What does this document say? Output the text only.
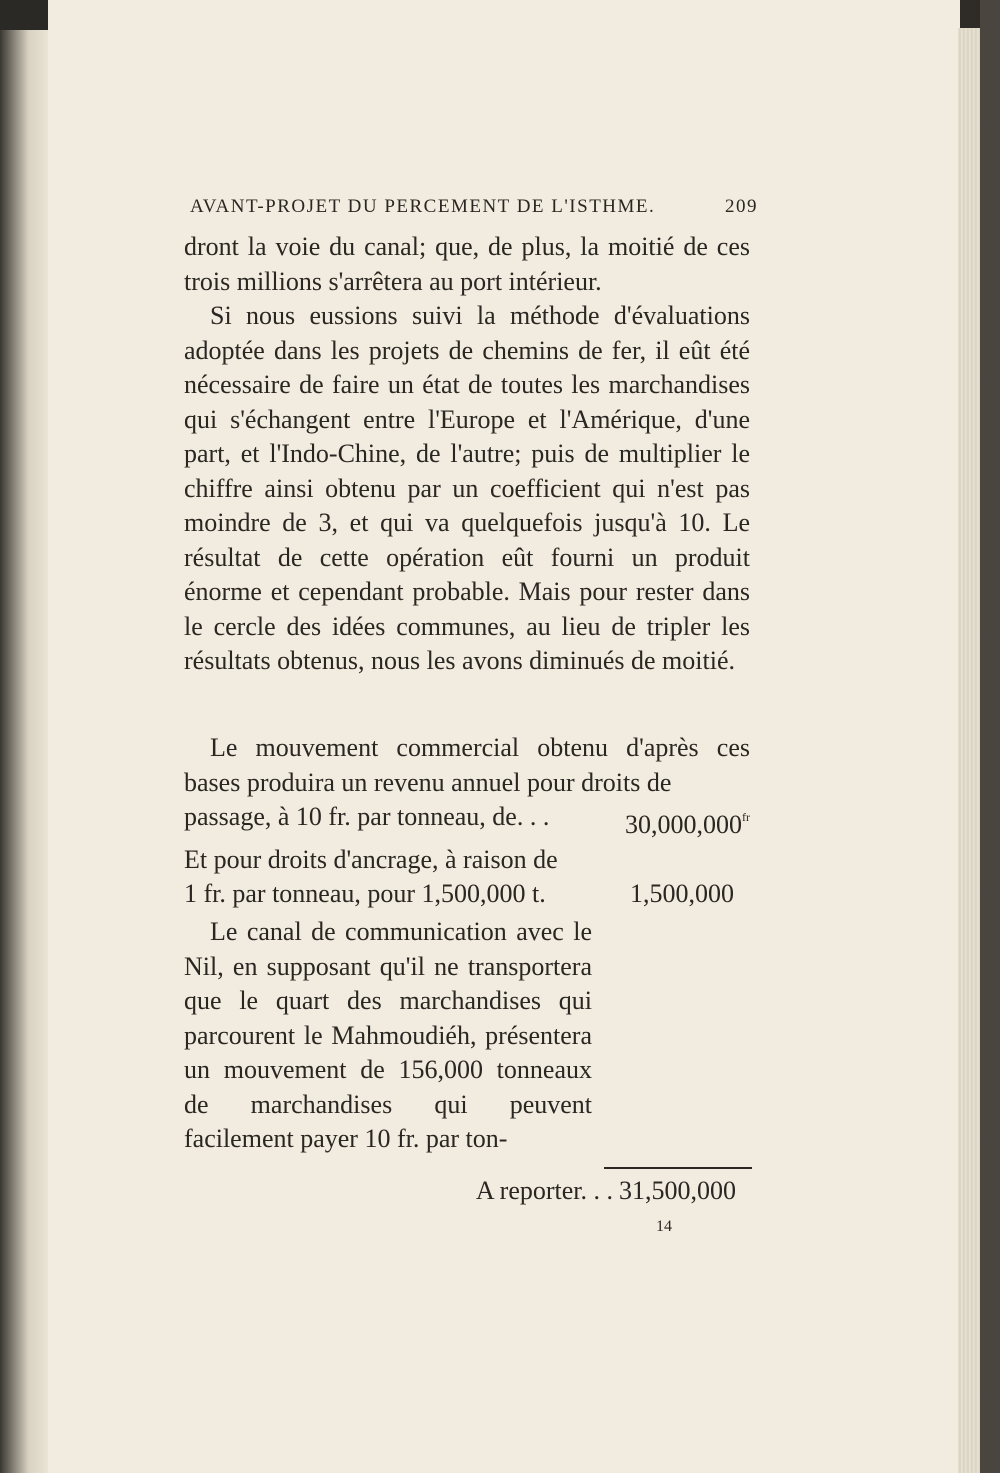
AVANT-PROJET DU PERCEMENT DE L'ISTHME.	209

dront la voie du canal; que, de plus, la moitié de ces trois millions s'arrêtera au port intérieur.

Si nous eussions suivi la méthode d'évaluations adoptée dans les projets de chemins de fer, il eût été nécessaire de faire un état de toutes les marchandises qui s'échangent entre l'Europe et l'Amérique, d'une part, et l'Indo-Chine, de l'autre; puis de multiplier le chiffre ainsi obtenu par un coefficient qui n'est pas moindre de 3, et qui va quelquefois jusqu'à 10. Le résultat de cette opération eût fourni un produit énorme et cependant probable. Mais pour rester dans le cercle des idées communes, au lieu de tripler les résultats obtenus, nous les avons diminués de moitié.

Le mouvement commercial obtenu d'après ces bases produira un revenu annuel pour droits de

passage, à 10 fr. par tonneau, de. . .	$30,000,000^{fr}$
Et pour droits d'ancrage, à raison de
1 fr. par tonneau, pour 1,500,000 t.	1,500,000

Le canal de communication avec le Nil, en supposant qu'il ne transportera que le quart des marchandises qui parcourent le Mahmoudiéh, présentera un mouvement de 156,000 tonneaux de marchandises qui peuvent facilement payer 10 fr. par ton-

A reporter. . . 31,500,000
14
